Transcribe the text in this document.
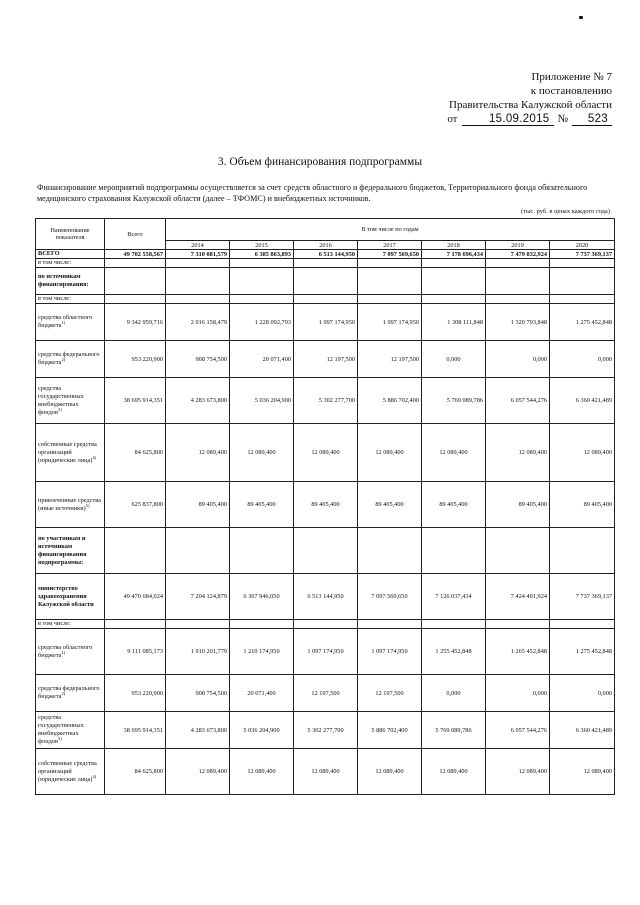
Приложение № 7
к постановлению
Правительства Калужской области
от	15.09.2015 №	523
3. Объем финансирования подпрограммы
Финансирование мероприятий подпрограммы осуществляется за счет средств областного и федерального бюджетов, Территориального фонда обязательного медицинского страхования Калужской области (далее – ТФОМС) и внебюджетных источников.
(тыс. руб. в ценах каждого года)
Наименование показателя	Всего	В том числе по годам						
		2014	2015	2016	2017	2018	2019	2020
ВСЕГО	49 702 558,567	7 310 081,579	6 385 863,893	6 513 144,950	7 097 569,650	7 178 696,434	7 479 832,924	7 737 369,137
в том числе:								
по источникам финансирования:								
в том числе:								
средства областного бюджета$^{1)}$	9 342 959,716	2 016 158,479	1 228 092,793	1 097 174,950	1 097 174,950	1 308 111,848	1 320 793,848	1 275 452,848
средства федерального бюджета$^{2)}$	953 220,900	908 754,500	20 071,400	12 197,500	12 197,500	0,000	0,000	0,000
средства государственных внебюджетных фондов$^{3)}$	38 695 914,351	4 283 673,800	5 036 204,900	5 302 277,700	5 886 702,400	5 769 089,786	6 057 544,276	6 360 421,489
собственные средства организаций (юридические лица)$^{4)}$	84 625,800	12 089,400	12 089,400	12 089,400	12 089,400	12 089,400	12 089,400	12 089,400
привлеченные средства (иные источники)$^{5)}$	625 837,800	89 405,400	89 405,400	89 405,400	89 405,400	89 405,400	89 405,400	89 405,400
по участникам и источникам финансирования подпрограммы:								
министерство здравоохранения Калужской области	49 470 684,024	7 204 124,879	6 367 946,050	6 513 144,950	7 097 569,650	7 126 037,434	7 424 491,924	7 737 369,137
в том числе:								
средства областного бюджета$^{1)}$	9 111 085,173	1 910 201,779	1 210 174,950	1 097 174,950	1 097 174,950	1 255 452,848	1 265 452,848	1 275 452,848
средства федерального бюджета$^{2)}$	953 220,900	908 754,500	20 071,400	12 197,500	12 197,500	0,000	0,000	0,000
средства государственных внебюджетных фондов$^{3)}$	38 695 914,351	4 283 673,800	5 036 204,900	5 302 277,700	5 886 702,400	5 769 089,786	6 057 544,276	6 360 421,489
собственные средства организаций (юридические лица)$^{4)}$	84 625,800	12 089,400	12 089,400	12 089,400	12 089,400	12 089,400	12 089,400	12 089,400
